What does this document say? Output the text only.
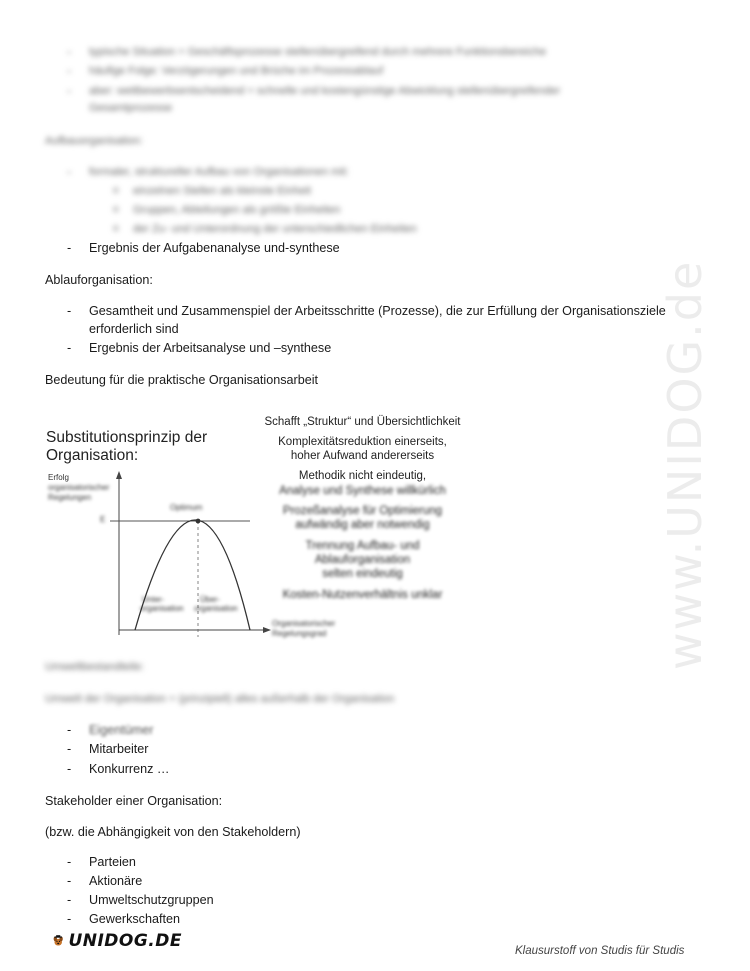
www.UNIDOG.de
- typische Situation = Geschäftsprozesse stellenübergreifend durch mehrere Funktionsbereiche
- häufige Folge: Verzögerungen und Brüche im Prozessablauf
- aber: wettbewerbsentscheidend = schnelle und kostengünstige Abwicklung stellenübergreifender
Gesamtprozesse
Aufbauorganisation:
- formaler, struktureller Aufbau von Organisationen mit:
o einzelnen Stellen als kleinste Einheit
o Gruppen, Abteilungen als größte Einheiten
o der Zu- und Unterordnung der unterschiedlichen Einheiten
- Ergebnis der Aufgabenanalyse und-synthese
Ablauforganisation:
- Gesamtheit und Zusammenspiel der Arbeitsschritte (Prozesse), die zur Erfüllung der Organisationsziele
erforderlich sind
- Ergebnis der Arbeitsanalyse und –synthese
Bedeutung für die praktische Organisationsarbeit
Substitutionsprinzip der
Organisation:
Erfolg
organisatorischer
Regelungen
E
Optimum
Unter-
organisation
Über-
organisation
Organisatorischer
Regelungsgrad
Schafft „Struktur“ und Übersichtlichkeit
Komplexitätsreduktion einerseits,
hoher Aufwand andererseits
Methodik nicht eindeutig,
Analyse und Synthese willkürlich
Prozeßanalyse für Optimierung
aufwändig aber notwendig
Trennung Aufbau- und
Ablauforganisation
selten eindeutig
Kosten-Nutzenverhältnis unklar
Umweltbestandteile:
Umwelt der Organisation = (prinzipiell) alles außerhalb der Organisation
- Eigentümer
- Mitarbeiter
- Konkurrenz …
Stakeholder einer Organisation:
(bzw. die Abhängigkeit von den Stakeholdern)
- Parteien
- Aktionäre
- Umweltschutzgruppen
- Gewerkschaften
UNIDOG.DE	Klausurstoff von Studis für Studis
